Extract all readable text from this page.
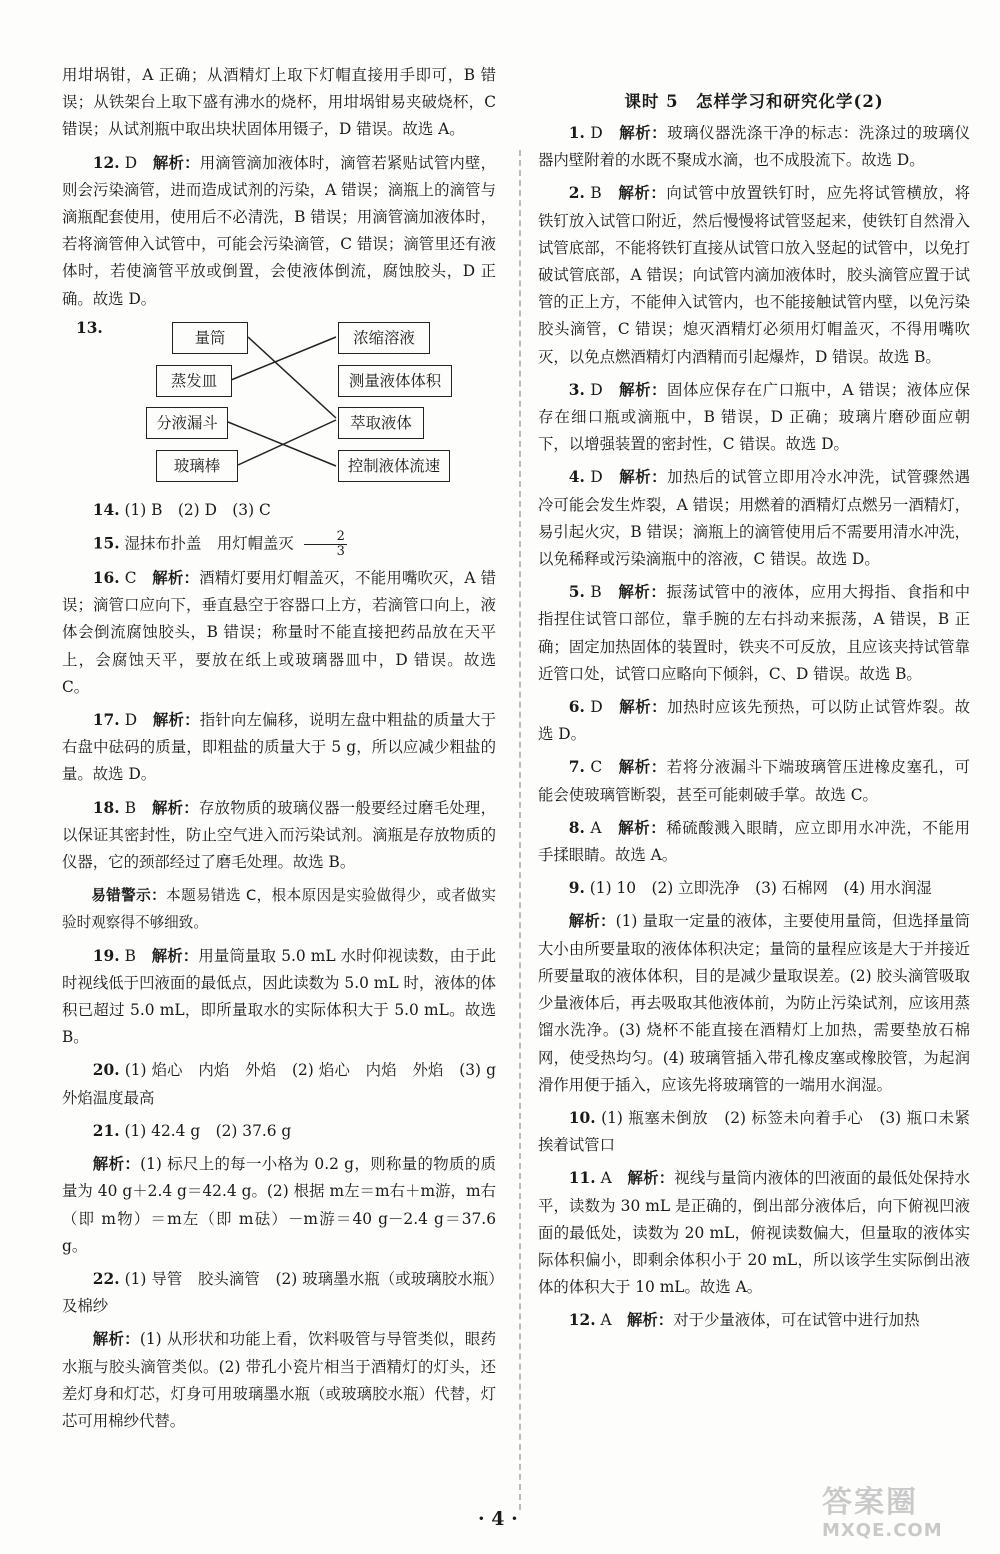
用坩埚钳，A 正确；从酒精灯上取下灯帽直接用手即可，B 错误；从铁架台上取下盛有沸水的烧杯，用坩埚钳易夹破烧杯，C 错误；从试剂瓶中取出块状固体用镊子，D 错误。故选 A。

12. D　 解析：用滴管滴加液体时，滴管若紧贴试管内壁，则会污染滴管，进而造成试剂的污染，A 错误；滴瓶上的滴管与滴瓶配套使用，使用后不必清洗，B 错误；用滴管滴加液体时，若将滴管伸入试管中，可能会污染滴管，C 错误；滴管里还有液体时，若使滴管平放或倒置，会使液体倒流，腐蚀胶头，D 正确。故选 D。

13.
量筒
蒸发皿
分液漏斗
玻璃棒
浓缩溶液
测量液体体积
萃取液体
控制液体流速

14. (1) B　(2) D　(3) C

15. 湿抹布扑盖　用灯帽盖灭 $\frac{2}{3}$

16. C　 解析：酒精灯要用灯帽盖灭，不能用嘴吹灭，A 错误；滴管口应向下，垂直悬空于容器口上方，若滴管口向上，液体会倒流腐蚀胶头，B 错误；称量时不能直接把药品放在天平上，会腐蚀天平，要放在纸上或玻璃器皿中，D 错误。故选 C。

17. D　 解析：指针向左偏移，说明左盘中粗盐的质量大于右盘中砝码的质量，即粗盐的质量大于 5 g，所以应减少粗盐的量。故选 D。

18. B　 解析：存放物质的玻璃仪器一般要经过磨毛处理，以保证其密封性，防止空气进入而污染试剂。滴瓶是存放物质的仪器，它的颈部经过了磨毛处理。故选 B。

易错警示：本题易错选 C，根本原因是实验做得少，或者做实验时观察得不够细致。

19. B　 解析：用量筒量取 5.0 mL 水时仰视读数，由于此时视线低于凹液面的最低点，因此读数为 5.0 mL 时，液体的体积已超过 5.0 mL，即所量取水的实际体积大于 5.0 mL。故选 B。

20. (1) 焰心　内焰　外焰　(2) 焰心　内焰　外焰　(3) g　外焰温度最高

21. (1) 42.4 g　(2) 37.6 g

解析：(1) 标尺上的每一小格为 0.2 g，则称量的物质的质量为 40 g＋2.4 g＝42.4 g。(2) 根据 m左＝m右＋m游，m右（即 m物）＝m左（即 m砝）－m游＝40 g－2.4 g＝37.6 g。

22. (1) 导管　胶头滴管　(2) 玻璃墨水瓶（或玻璃胶水瓶）及棉纱

解析：(1) 从形状和功能上看，饮料吸管与导管类似，眼药水瓶与胶头滴管类似。(2) 带孔小瓷片相当于酒精灯的灯头，还差灯身和灯芯，灯身可用玻璃墨水瓶（或玻璃胶水瓶）代替，灯芯可用棉纱代替。

课时 5　怎样学习和研究化学(2)

1. D　 解析：玻璃仪器洗涤干净的标志：洗涤过的玻璃仪器内壁附着的水既不聚成水滴，也不成股流下。故选 D。

2. B　 解析：向试管中放置铁钉时，应先将试管横放，将铁钉放入试管口附近，然后慢慢将试管竖起来，使铁钉自然滑入试管底部，不能将铁钉直接从试管口放入竖起的试管中，以免打破试管底部，A 错误；向试管内滴加液体时，胶头滴管应置于试管的正上方，不能伸入试管内，也不能接触试管内壁，以免污染胶头滴管，C 错误；熄灭酒精灯必须用灯帽盖灭，不得用嘴吹灭，以免点燃酒精灯内酒精而引起爆炸，D 错误。故选 B。

3. D　 解析：固体应保存在广口瓶中，A 错误；液体应保存在细口瓶或滴瓶中，B 错误，D 正确；玻璃片磨砂面应朝下，以增强装置的密封性，C 错误。故选 D。

4. D　 解析：加热后的试管立即用冷水冲洗，试管骤然遇冷可能会发生炸裂，A 错误；用燃着的酒精灯点燃另一酒精灯，易引起火灾，B 错误；滴瓶上的滴管使用后不需要用清水冲洗，以免稀释或污染滴瓶中的溶液，C 错误。故选 D。

5. B　 解析：振荡试管中的液体，应用大拇指、食指和中指捏住试管口部位，靠手腕的左右抖动来振荡，A 错误，B 正确；固定加热固体的装置时，铁夹不可反放，且应该夹持试管靠近管口处，试管口应略向下倾斜，C、D 错误。故选 B。

6. D　 解析：加热时应该先预热，可以防止试管炸裂。故选 D。

7. C　 解析：若将分液漏斗下端玻璃管压进橡皮塞孔，可能会使玻璃管断裂，甚至可能刺破手掌。故选 C。

8. A　 解析：稀硫酸溅入眼睛，应立即用水冲洗，不能用手揉眼睛。故选 A。

9. (1) 10　(2) 立即洗净　(3) 石棉网　(4) 用水润湿

解析：(1) 量取一定量的液体，主要使用量筒，但选择量筒大小由所要量取的液体体积决定；量筒的量程应该是大于并接近所要量取的液体体积，目的是减少量取误差。(2) 胶头滴管吸取少量液体后，再去吸取其他液体前，为防止污染试剂，应该用蒸馏水洗净。(3) 烧杯不能直接在酒精灯上加热，需要垫放石棉网，使受热均匀。(4) 玻璃管插入带孔橡皮塞或橡胶管，为起润滑作用便于插入，应该先将玻璃管的一端用水润湿。

10. (1) 瓶塞未倒放　(2) 标签未向着手心　(3) 瓶口未紧挨着试管口

11. A　 解析：视线与量筒内液体的凹液面的最低处保持水平，读数为 30 mL 是正确的，倒出部分液体后，向下俯视凹液面的最低处，读数为 20 mL，俯视读数偏大，但量取的液体实际体积偏小，即剩余体积小于 20 mL，所以该学生实际倒出液体的体积大于 10 mL。故选 A。

12. A　 解析：对于少量液体，可在试管中进行加热

· 4 ·	答案圈
MXQE.COM
